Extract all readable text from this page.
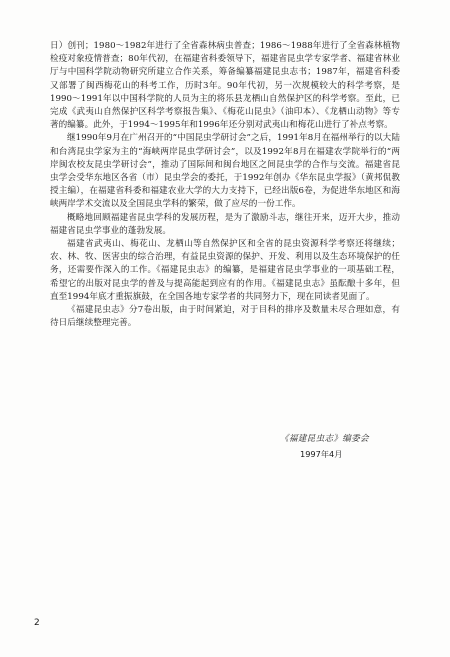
日）创刊；1980～1982年进行了全省森林病虫普查；1986～1988年进行了全省森林植物检疫对象疫情普查；80年代初，在福建省科委领导下，福建省昆虫学专家学者、福建省林业厅与中国科学院动物研究所建立合作关系，筹备编纂福建昆虫志书；1987年，福建省科委又部署了闽西梅花山的科考工作，历时3年。90年代初，另一次规模较大的科学考察，是1990～1991年以中国科学院的人员为主的将乐县龙栖山自然保护区的科学考察。至此，已完成《武夷山自然保护区科学考察报告集》、《梅花山昆虫》（油印本）、《龙栖山动物》等专著的编纂。此外，于1994～1995年和1996年还分别对武夷山和梅花山进行了补点考察。

继1990年9月在广州召开的“中国昆虫学研讨会”之后，1991年8月在福州举行的以大陆和台湾昆虫学家为主的“海峡两岸昆虫学研讨会”，以及1992年8月在福建农学院举行的“两岸闽农校友昆虫学研讨会”，推动了国际间和闽台地区之间昆虫学的合作与交流。福建省昆虫学会受华东地区各省（市）昆虫学会的委托，于1992年创办《华东昆虫学报》（黄邦侃教授主编），在福建省科委和福建农业大学的大力支持下，已经出版6卷，为促进华东地区和海峡两岸学术交流以及全国昆虫学科的繁荣，做了应尽的一份工作。

概略地回顾福建省昆虫学科的发展历程，是为了激励斗志，继往开来，迈开大步，推动福建省昆虫学事业的蓬勃发展。

福建省武夷山、梅花山、龙栖山等自然保护区和全省的昆虫资源科学考察还将继续；农、林、牧、医害虫的综合治理，有益昆虫资源的保护、开发、利用以及生态环境保护的任务，还需要作深入的工作。《福建昆虫志》的编纂，是福建省昆虫学事业的一项基础工程，希望它的出版对昆虫学的普及与提高能起到应有的作用。《福建昆虫志》虽酝酿十多年，但直至1994年底才重振旗鼓，在全国各地专家学者的共同努力下，现在同读者见面了。

《福建昆虫志》分7卷出版，由于时间紧迫，对于目科的排序及数量未尽合理如意，有待日后继续整理完善。

《福建昆虫志》编委会
1997年4月
2
